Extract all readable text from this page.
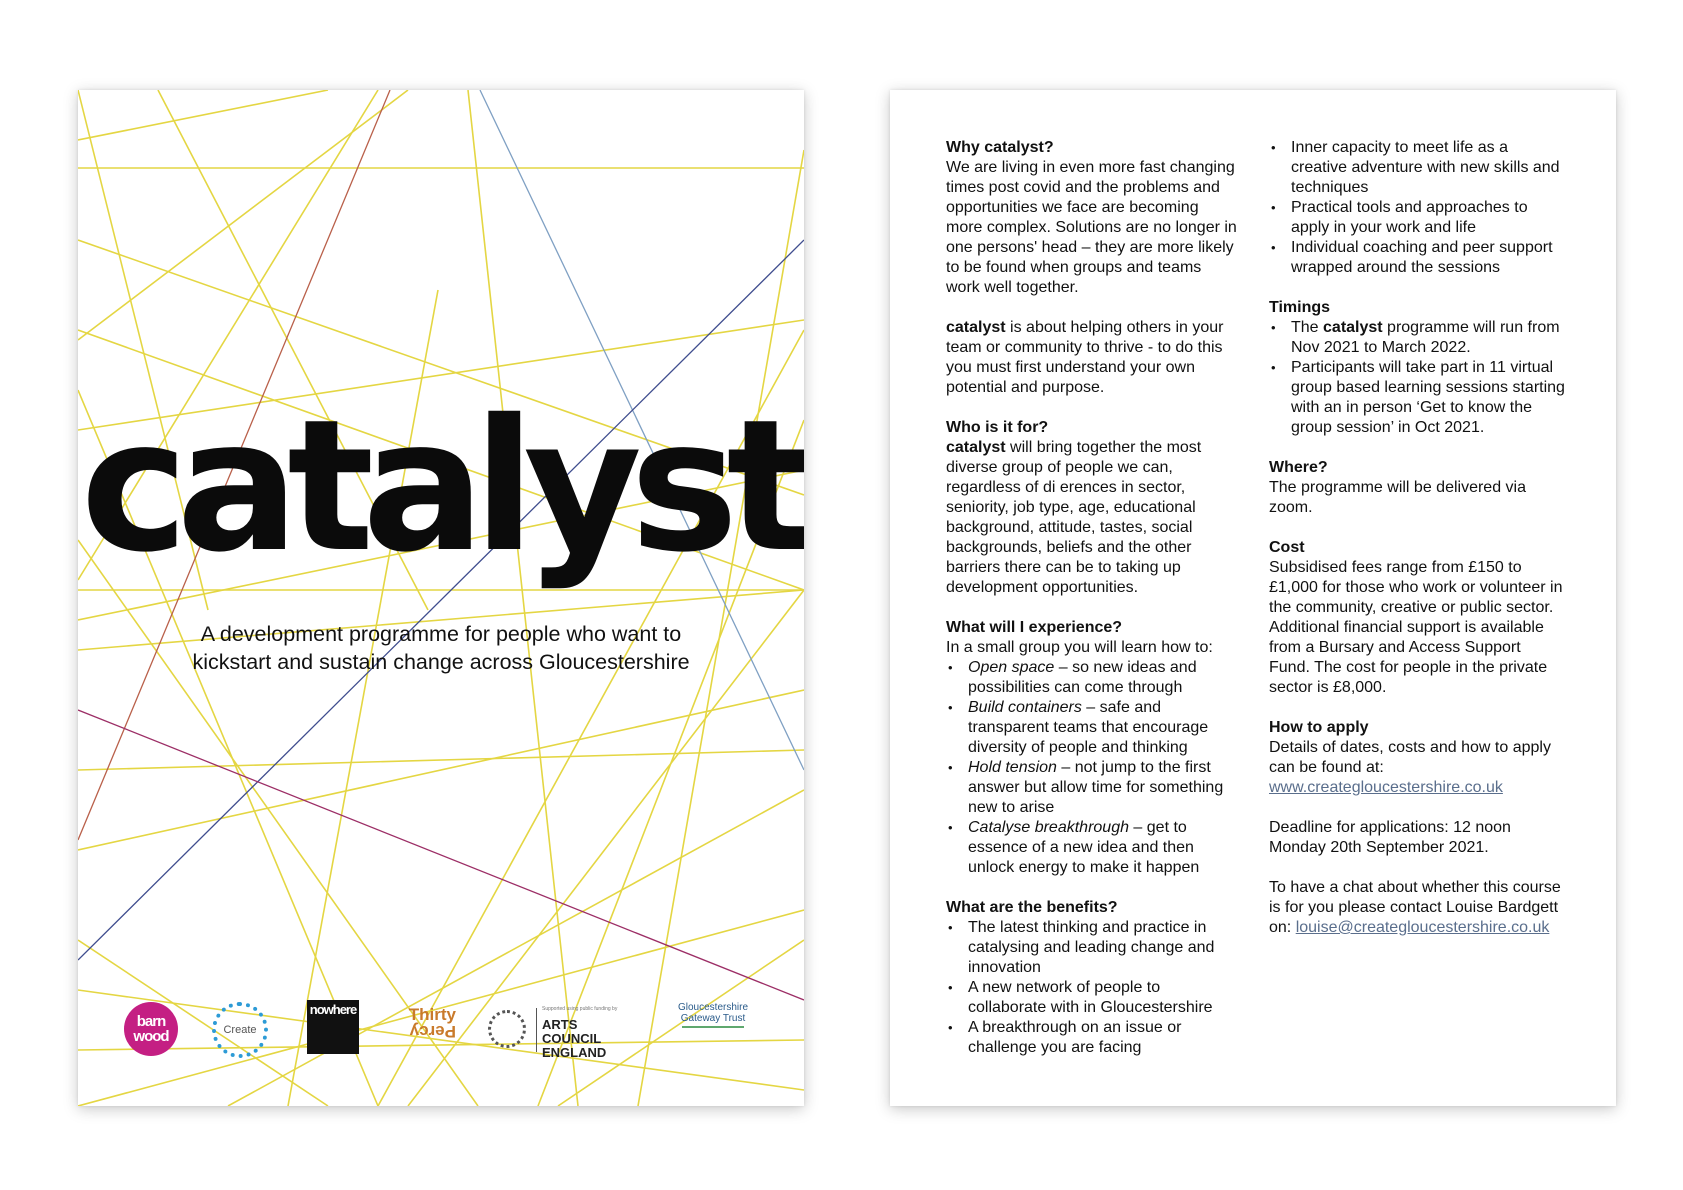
catalyst
A development programme for people who want to
kickstart and sustain change across Gloucestershire
barn
wood	Create
nowhere	Thirty
Percy
Supported using public funding by
ARTS COUNCIL
ENGLAND
Gloucestershire
Gateway Trust
Why catalyst?

We are living in even more fast changing times post covid and the problems and opportunities we face are becoming more complex. Solutions are no longer in one persons' head – they are more likely to be found when groups and teams work well together.

catalyst is about helping others in your team or community to thrive - to do this you must first understand your own potential and purpose.

Who is it for?

catalyst will bring together the most diverse group of people we can, regardless of di erences in sector, seniority, job type, age, educational background, attitude, tastes, social backgrounds, beliefs and the other barriers there can be to taking up development opportunities.

What will I experience?

In a small group you will learn how to:

• Open space – so new ideas and possibilities can come through
• Build containers – safe and transparent teams that encourage diversity of people and thinking
• Hold tension – not jump to the first answer but allow time for something new to arise
• Catalyse breakthrough – get to essence of a new idea and then unlock energy to make it happen
What are the benefits?
• The latest thinking and practice in catalysing and leading change and innovation
• A new network of people to collaborate with in Gloucestershire
• A breakthrough on an issue or challenge you are facing
• Inner capacity to meet life as a creative adventure with new skills and techniques
• Practical tools and approaches to apply in your work and life
• Individual coaching and peer support wrapped around the sessions
Timings
• The catalyst programme will run from Nov 2021 to March 2022.
• Participants will take part in 11 virtual group based learning sessions starting with an in person ‘Get to know the group session’ in Oct 2021.
Where?

The programme will be delivered via zoom.

Cost

Subsidised fees range from £150 to £1,000 for those who work or volunteer in the community, creative or public sector. Additional financial support is available from a Bursary and Access Support Fund. The cost for people in the private sector is £8,000.

How to apply

Details of dates, costs and how to apply can be found at: www.creategloucestershire.co.uk

Deadline for applications: 12 noon Monday 20th September 2021.

To have a chat about whether this course is for you please contact Louise Bardgett on: louise@creategloucestershire.co.uk
